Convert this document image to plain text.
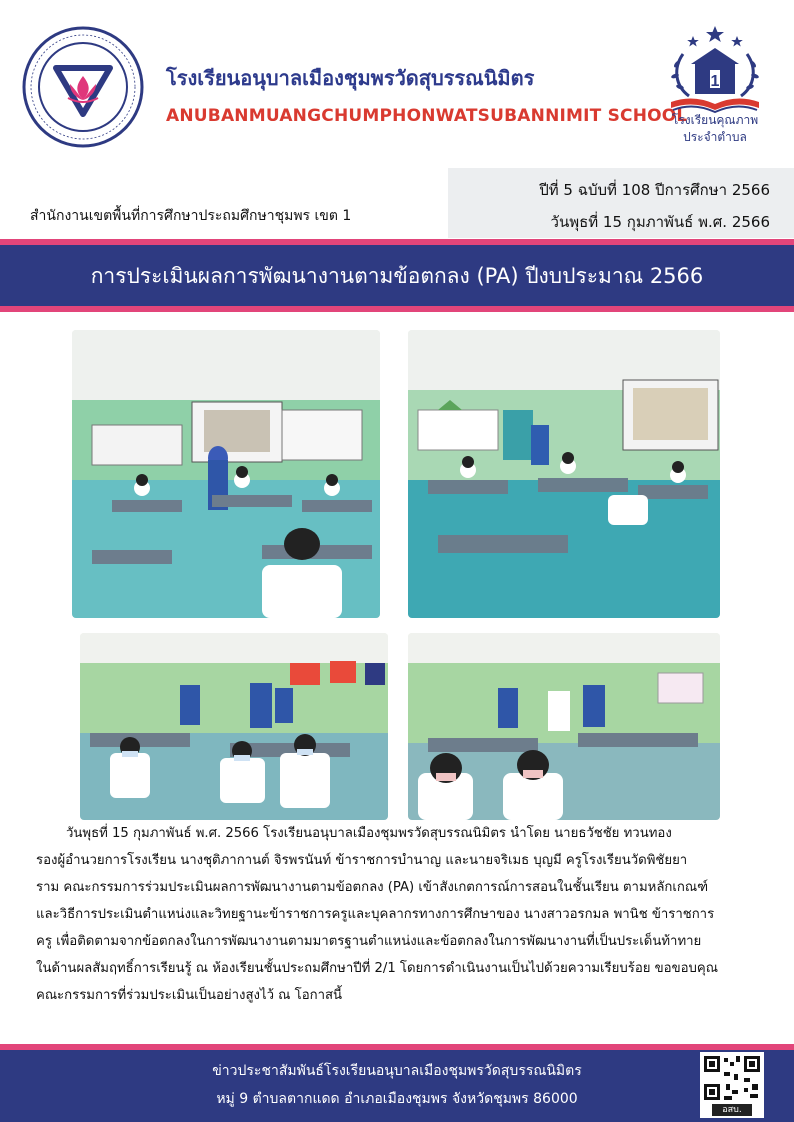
โรงเรียนอนุบาลเมืองชุมพรวัดสุบรรณนิมิตร
ANUBANMUANGCHUMPHONWATSUBANNIMIT SCHOOL
1
โรงเรียนคุณภาพ
ประจำตำบล
สำนักงานเขตพื้นที่การศึกษาประถมศึกษาชุมพร เขต 1
ปีที่ 5 ฉบับที่ 108 ปีการศึกษา 2566
วันพุธที่ 15 กุมภาพันธ์ พ.ศ. 2566
การประเมินผลการพัฒนางานตามข้อตกลง (PA) ปีงบประมาณ 2566
วันพุธที่ 15 กุมภาพันธ์ พ.ศ. 2566 โรงเรียนอนุบาลเมืองชุมพรวัดสุบรรณนิมิตร นำโดย นายธวัชชัย ทวนทอง
รองผู้อำนวยการโรงเรียน นางชุติภากานต์ จิรพรนันท์ ข้าราชการบำนาญ และนายจริเมธ บุญมี ครูโรงเรียนวัดพิชัยยา
ราม คณะกรรมการร่วมประเมินผลการพัฒนางานตามข้อตกลง (PA) เข้าสังเกตการณ์การสอนในชั้นเรียน ตามหลักเกณฑ์
และวิธีการประเมินตำแหน่งและวิทยฐานะข้าราชการครูและบุคลากรทางการศึกษาของ นางสาวอรกมล พานิช ข้าราชการ
ครู เพื่อติดตามจากข้อตกลงในการพัฒนางานตามมาตรฐานตำแหน่งและข้อตกลงในการพัฒนางานที่เป็นประเด็นท้าทาย
ในด้านผลสัมฤทธิ์การเรียนรู้ ณ ห้องเรียนชั้นประถมศึกษาปีที่ 2/1 โดยการดำเนินงานเป็นไปด้วยความเรียบร้อย ขอขอบคุณ
คณะกรรมการที่ร่วมประเมินเป็นอย่างสูงไว้ ณ โอกาสนี้
ข่าวประชาสัมพันธ์โรงเรียนอนุบาลเมืองชุมพรวัดสุบรรณนิมิตร
หมู่ 9 ตำบลตากแดด อำเภอเมืองชุมพร จังหวัดชุมพร 86000
อสบ.
